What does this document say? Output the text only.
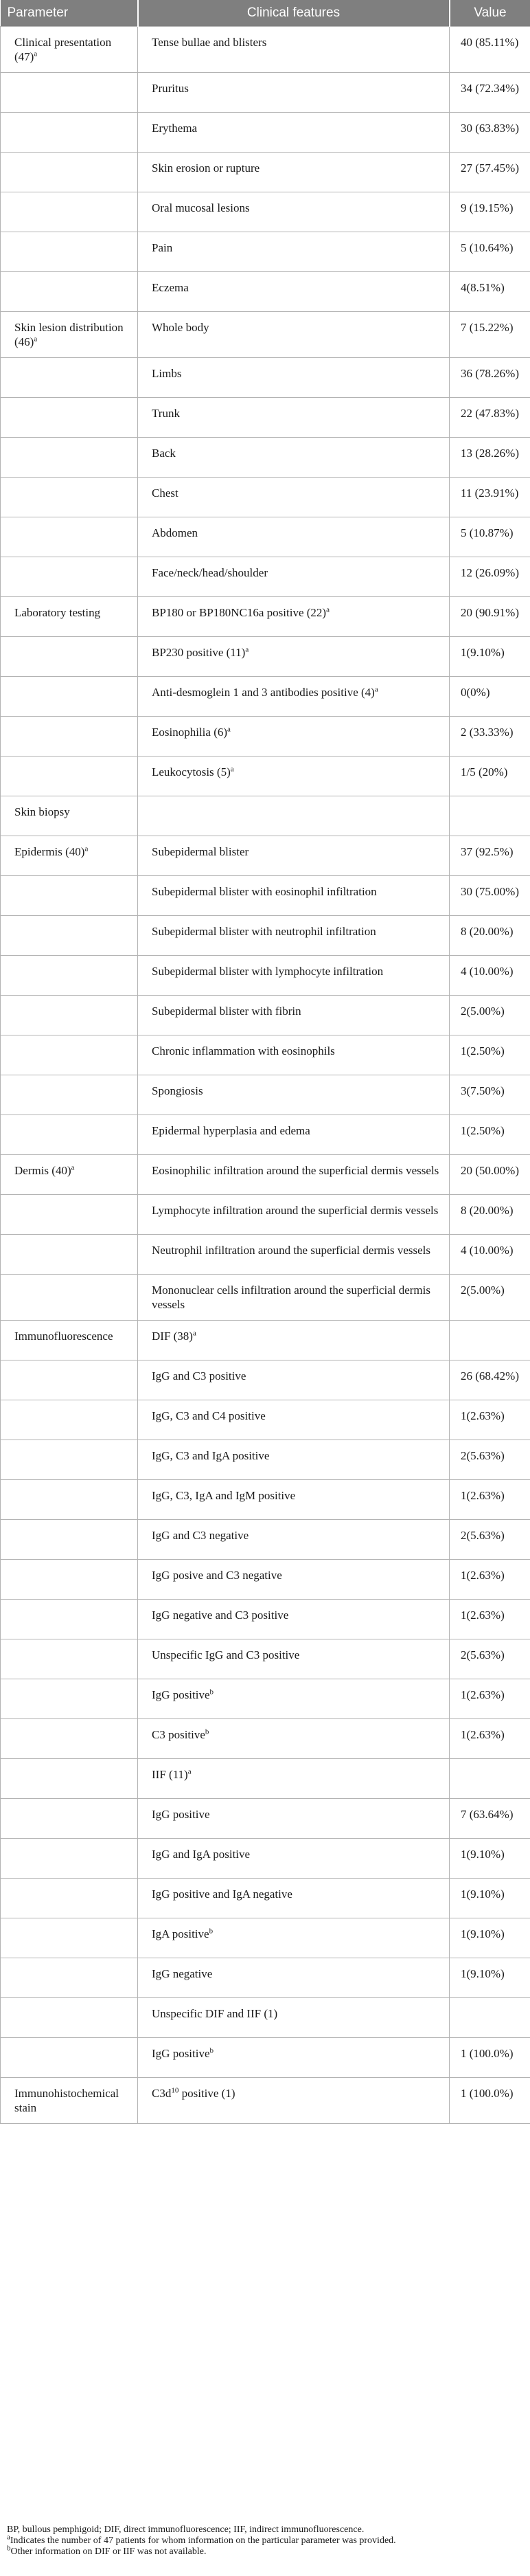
Parameter	Clinical features	Value
Clinical presentation $(47)^a$	Tense bullae and blisters	40 (85.11%)
	Pruritus	34 (72.34%)
	Erythema	30 (63.83%)
	Skin erosion or rupture	27 (57.45%)
	Oral mucosal lesions	9 (19.15%)
	Pain	5 (10.64%)
	Eczema	4(8.51%)
Skin lesion distribution $(46)^a$	Whole body	7 (15.22%)
	Limbs	36 (78.26%)
	Trunk	22 (47.83%)
	Back	13 (28.26%)
	Chest	11 (23.91%)
	Abdomen	5 (10.87%)
	Face/neck/head/shoulder	12 (26.09%)
Laboratory testing	BP180 or BP180NC16a positive $(22)^a$	20 (90.91%)
	BP230 positive $(11)^a$	1(9.10%)
	Anti-desmoglein 1 and 3 antibodies positive $(4)^a$	0(0%)
	Eosinophilia $(6)^a$	2 (33.33%)
	Leukocytosis $(5)^a$	1/5 (20%)
Skin biopsy		
Epidermis $(40)^a$	Subepidermal blister	37 (92.5%)
	Subepidermal blister with eosinophil infiltration	30 (75.00%)
	Subepidermal blister with neutrophil infiltration	8 (20.00%)
	Subepidermal blister with lymphocyte infiltration	4 (10.00%)
	Subepidermal blister with fibrin	2(5.00%)
	Chronic inflammation with eosinophils	1(2.50%)
	Spongiosis	3(7.50%)
	Epidermal hyperplasia and edema	1(2.50%)
Dermis $(40)^a$	Eosinophilic infiltration around the superficial dermis vessels	20 (50.00%)
	Lymphocyte infiltration around the superficial dermis vessels	8 (20.00%)
	Neutrophil infiltration around the superficial dermis vessels	4 (10.00%)
	Mononuclear cells infiltration around the superficial dermis vessels	2(5.00%)
Immunofluorescence	DIF $(38)^a$	
	IgG and C3 positive	26 (68.42%)
	IgG, C3 and C4 positive	1(2.63%)
	IgG, C3 and IgA positive	2(5.63%)
	IgG, C3, IgA and IgM positive	1(2.63%)
	IgG and C3 negative	2(5.63%)
	IgG posive and C3 negative	1(2.63%)
	IgG negative and C3 positive	1(2.63%)
	Unspecific IgG and C3 positive	2(5.63%)
	IgG positive$^b$	1(2.63%)
	C3 positive$^b$	1(2.63%)
	IIF $(11)^a$	
	IgG positive	7 (63.64%)
	IgG and IgA positive	1(9.10%)
	IgG positive and IgA negative	1(9.10%)
	IgA positive$^b$	1(9.10%)
	IgG negative	1(9.10%)
	Unspecific DIF and IIF (1)	
	IgG positive$^b$	1 (100.0%)
Immunohistochemical stain	$C3d^{10}$ positive (1)	1 (100.0%)
BP, bullous pemphigoid; DIF, direct immunofluorescence; IIF, indirect immunofluorescence.
$^a$Indicates the number of 47 patients for whom information on the particular parameter was provided.
$^b$Other information on DIF or IIF was not available.
